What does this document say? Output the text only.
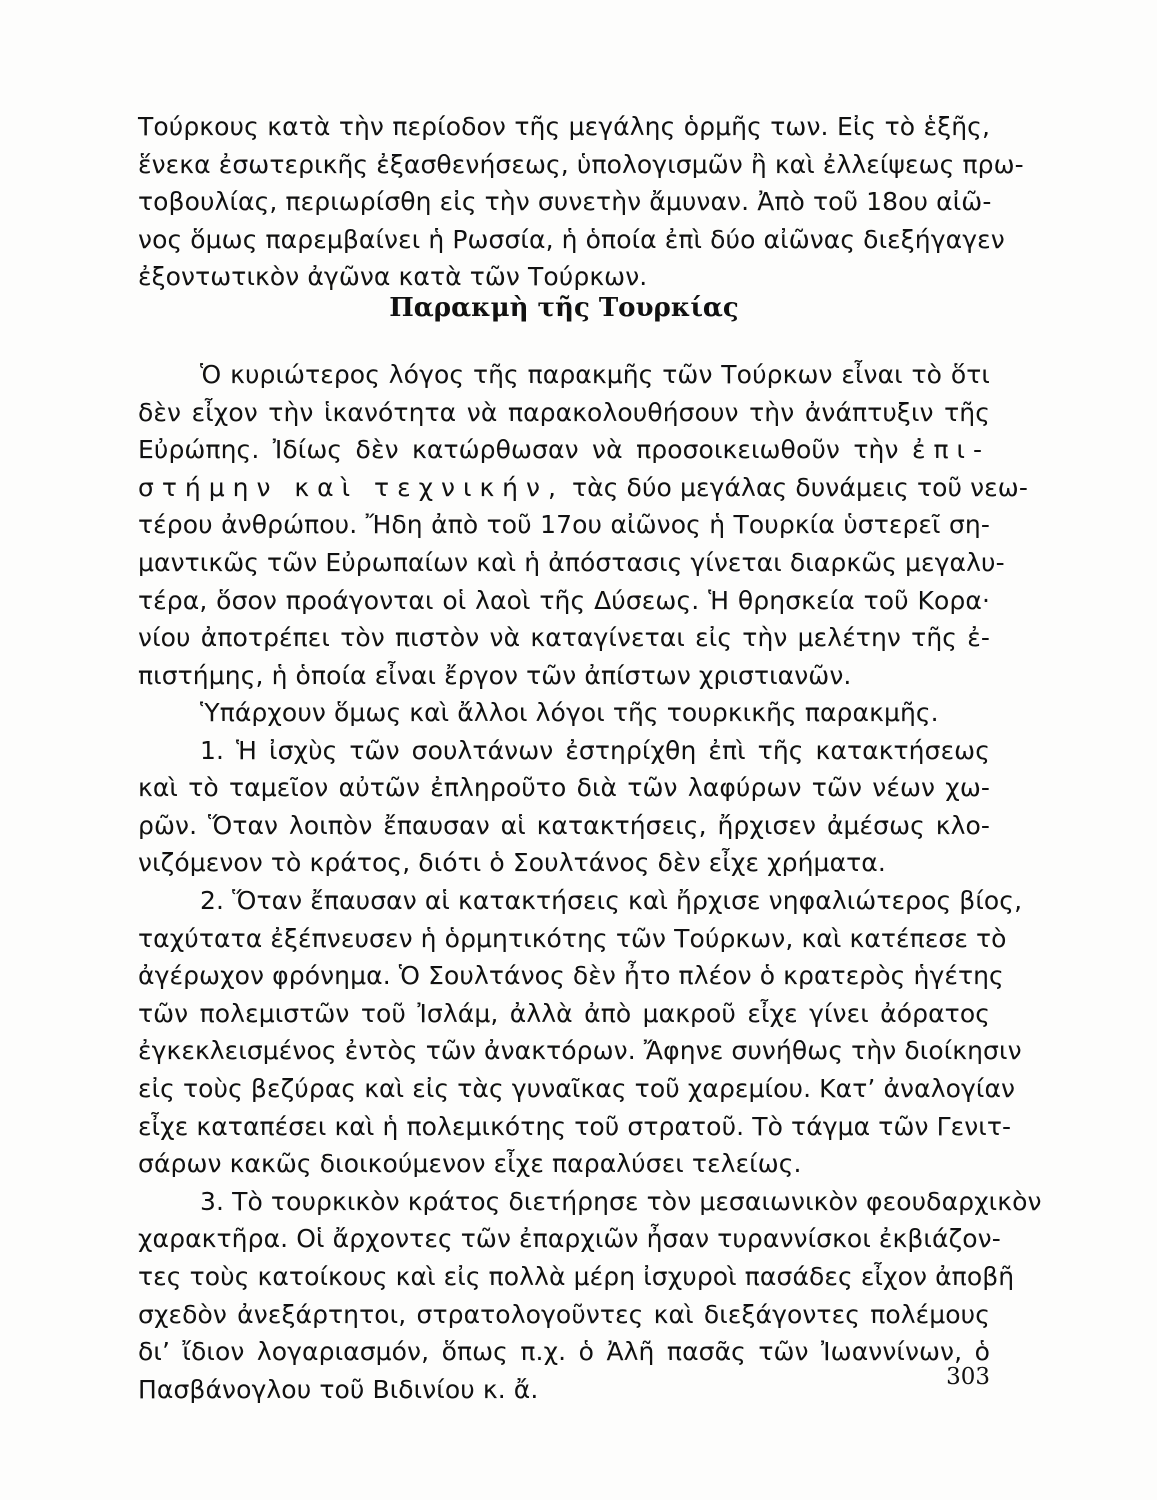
Τούρκους κατὰ τὴν περίοδον τῆς μεγάλης ὁρμῆς των. Εἰς τὸ ἑξῆς,
ἕνεκα ἐσωτερικῆς ἐξασθενήσεως, ὑπολογισμῶν ἢ καὶ ἐλλείψεως πρω-
τοβουλίας, περιωρίσθη εἰς τὴν συνετὴν ἄμυναν. Ἀπὸ τοῦ 18ου αἰῶ-
νος ὅμως παρεμβαίνει ἡ Ρωσσία, ἡ ὁποία ἐπὶ δύο αἰῶνας διεξήγαγεν
ἐξοντωτικὸν ἀγῶνα κατὰ τῶν Τούρκων.
Παρακμὴ τῆς Τουρκίας
Ὁ κυριώτερος λόγος τῆς παρακμῆς τῶν Τούρκων εἶναι τὸ ὅτι
δὲν εἶχον τὴν ἱκανότητα νὰ παρακολουθήσουν τὴν ἀνάπτυξιν τῆς
Εὐρώπης. Ἰδίως δὲν κατώρθωσαν νὰ προσοικειωθοῦν τὴν ἐπι-
στήμην καὶ τεχνικήν, τὰς δύο μεγάλας δυνάμεις τοῦ νεω-
τέρου ἀνθρώπου. Ἤδη ἀπὸ τοῦ 17ου αἰῶνος ἡ Τουρκία ὑστερεῖ ση-
μαντικῶς τῶν Εὐρωπαίων καὶ ἡ ἀπόστασις γίνεται διαρκῶς μεγαλυ-
τέρα, ὅσον προάγονται οἱ λαοὶ τῆς Δύσεως. Ἡ θρησκεία τοῦ Κορα·
νίου ἀποτρέπει τὸν πιστὸν νὰ καταγίνεται εἰς τὴν μελέτην τῆς ἐ-
πιστήμης, ἡ ὁποία εἶναι ἔργον τῶν ἀπίστων χριστιανῶν.
Ὑπάρχουν ὅμως καὶ ἄλλοι λόγοι τῆς τουρκικῆς παρακμῆς.
1. Ἡ ἰσχὺς τῶν σουλτάνων ἐστηρίχθη ἐπὶ τῆς κατακτήσεως
καὶ τὸ ταμεῖον αὐτῶν ἐπληροῦτο διὰ τῶν λαφύρων τῶν νέων χω-
ρῶν. Ὅταν λοιπὸν ἔπαυσαν αἱ κατακτήσεις, ἤρχισεν ἀμέσως κλο-
νιζόμενον τὸ κράτος, διότι ὁ Σουλτάνος δὲν εἶχε χρήματα.
2. Ὅταν ἔπαυσαν αἱ κατακτήσεις καὶ ἤρχισε νηφαλιώτερος βίος,
ταχύτατα ἐξέπνευσεν ἡ ὁρμητικότης τῶν Τούρκων, καὶ κατέπεσε τὸ
ἀγέρωχον φρόνημα. Ὁ Σουλτάνος δὲν ἦτο πλέον ὁ κρατερὸς ἡγέτης
τῶν πολεμιστῶν τοῦ Ἰσλάμ, ἀλλὰ ἀπὸ μακροῦ εἶχε γίνει ἀόρατος
ἐγκεκλεισμένος ἐντὸς τῶν ἀνακτόρων. Ἄφηνε συνήθως τὴν διοίκησιν
εἰς τοὺς βεζύρας καὶ εἰς τὰς γυναῖκας τοῦ χαρεμίου. Κατ’ ἀναλογίαν
εἶχε καταπέσει καὶ ἡ πολεμικότης τοῦ στρατοῦ. Τὸ τάγμα τῶν Γενιτ-
σάρων κακῶς διοικούμενον εἶχε παραλύσει τελείως.
3. Τὸ τουρκικὸν κράτος διετήρησε τὸν μεσαιωνικὸν φεουδαρχικὸν
χαρακτῆρα. Οἱ ἄρχοντες τῶν ἐπαρχιῶν ἦσαν τυραννίσκοι ἐκβιάζον-
τες τοὺς κατοίκους καὶ εἰς πολλὰ μέρη ἰσχυροὶ πασάδες εἶχον ἀποβῆ
σχεδὸν ἀνεξάρτητοι, στρατολογοῦντες καὶ διεξάγοντες πολέμους
δι’ ἴδιον λογαριασμόν, ὅπως π.χ. ὁ Ἀλῆ πασᾶς τῶν Ἰωαννίνων, ὁ
Πασβάνογλου τοῦ Βιδινίου κ. ἄ.	303
